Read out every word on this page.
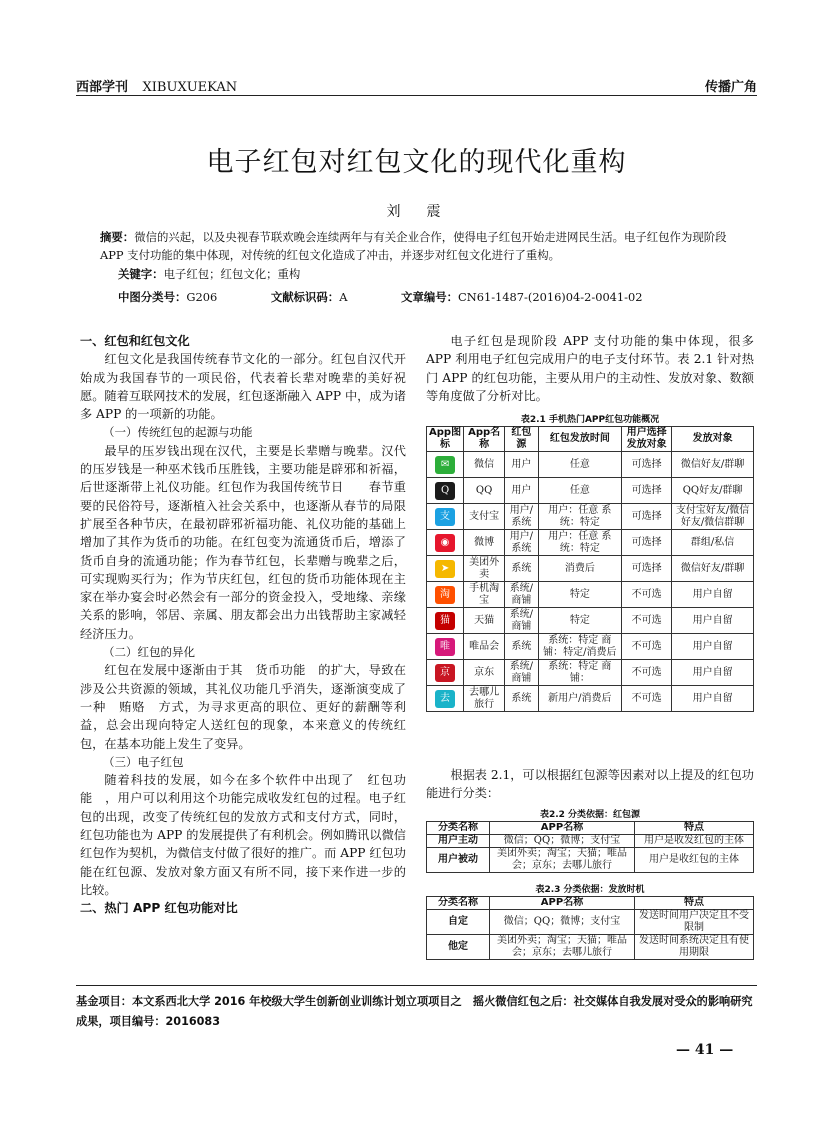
西部学刊 XIBUXUEKAN	传播广角
电子红包对红包文化的现代化重构
刘　震
摘要：微信的兴起，以及央视春节联欢晚会连续两年与有关企业合作，使得电子红包开始走进网民生活。电子红包作为现阶段 APP 支付功能的集中体现，对传统的红包文化造成了冲击，并逐步对红包文化进行了重构。
关键字：电子红包；红包文化；重构
中图分类号：G206	文献标识码：A	文章编号：CN61-1487-(2016)04-2-0041-02

一、红包和红包文化

红包文化是我国传统春节文化的一部分。红包自汉代开始成为我国春节的一项民俗，代表着长辈对晚辈的美好祝愿。随着互联网技术的发展，红包逐渐融入 APP 中，成为诸多 APP 的一项新的功能。

（一）传统红包的起源与功能

最早的压岁钱出现在汉代，主要是长辈赠与晚辈。汉代的压岁钱是一种巫术钱币压胜钱，主要功能是辟邪和祈福，后世逐渐带上礼仪功能。红包作为我国传统节日　　春节重要的民俗符号，逐渐植入社会关系中，也逐渐从春节的局限扩展至各种节庆，在最初辟邪祈福功能、礼仪功能的基础上增加了其作为货币的功能。在红包变为流通货币后，增添了货币自身的流通功能；作为春节红包，长辈赠与晚辈之后，可实现购买行为；作为节庆红包，红包的货币功能体现在主家在举办宴会时必然会有一部分的资金投入，受地缘、亲缘关系的影响，邻居、亲属、朋友都会出力出钱帮助主家减轻经济压力。

（二）红包的异化

红包在发展中逐渐由于其　货币功能　的扩大，导致在涉及公共资源的领域，其礼仪功能几乎消失，逐渐演变成了一种　贿赂　方式，为寻求更高的职位、更好的薪酬等利益，总会出现向特定人送红包的现象，本来意义的传统红包，在基本功能上发生了变异。

（三）电子红包

随着科技的发展，如今在多个软件中出现了　红包功能　，用户可以利用这个功能完成收发红包的过程。电子红包的出现，改变了传统红包的发放方式和支付方式，同时，红包功能也为 APP 的发展提供了有利机会。例如腾讯以微信红包作为契机，为微信支付做了很好的推广。而 APP 红包功能在红包源、发放对象方面又有所不同，接下来作进一步的比较。

二、热门 APP 红包功能对比

电子红包是现阶段 APP 支付功能的集中体现，很多 APP 利用电子红包完成用户的电子支付环节。表 2.1 针对热门 APP 的红包功能，主要从用户的主动性、发放对象、数额等角度做了分析对比。

表2.1 手机热门APP红包功能概况
App图标	App名称	红包源	红包发放时间	用户选择发放对象	发放对象
✉	微信	用户	任意	可选择	微信好友/群聊
Q	QQ	用户	任意	可选择	QQ好友/群聊
支	支付宝	用户/系统	用户：任意 系统：特定	可选择	支付宝好友/微信好友/微信群聊
◉	微博	用户/系统	用户：任意 系统：特定	可选择	群组/私信
➤	美团外卖	系统	消费后	可选择	微信好友/群聊
淘	手机淘宝	系统/商铺	特定	不可选	用户自留
猫	天猫	系统/商铺	特定	不可选	用户自留
唯	唯品会	系统	系统：特定 商铺：特定/消费后	不可选	用户自留
京	京东	系统/商铺	系统：特定 商铺：	不可选	用户自留
去	去哪儿旅行	系统	新用户/消费后	不可选	用户自留

根据表 2.1，可以根据红包源等因素对以上提及的红包功能进行分类：

表2.2 分类依据：红包源
分类名称	APP名称	特点
用户主动	微信；QQ；微博；支付宝	用户是收发红包的主体
用户被动	美团外卖；淘宝；天猫；唯品会；京东；去哪儿旅行	用户是收红包的主体
表2.3 分类依据：发放时机
分类名称	APP名称	特点
自定	微信；QQ；微博；支付宝	发送时间用户决定且不受限制
他定	美团外卖；淘宝；天猫；唯品会；京东；去哪儿旅行	发送时间系统决定且有使用期限
基金项目：本文系西北大学 2016 年校级大学生创新创业训练计划立项项目之　摇火微信红包之后：社交媒体自我发展对受众的影响研究　成果，项目编号：2016083
— 41 —
